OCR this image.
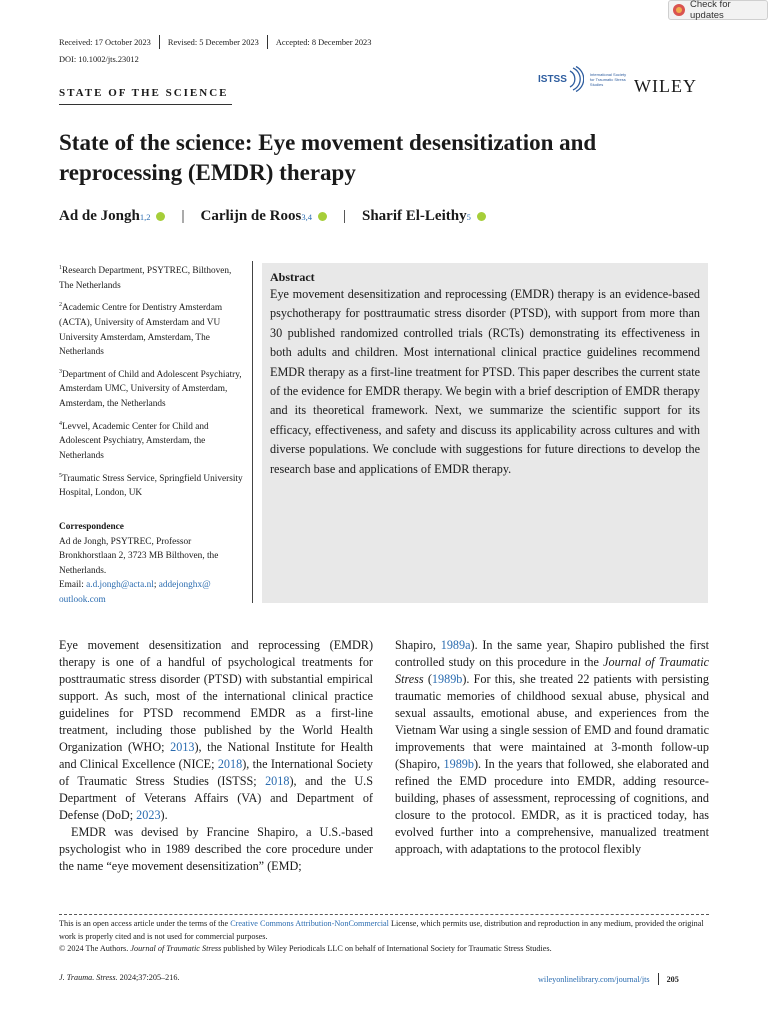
Check for updates
Received: 17 October 2023	Revised: 5 December 2023	Accepted: 8 December 2023
DOI: 10.1002/jts.23012
STATE OF THE SCIENCE
ISTSS	International Society for Traumatic Stress Studies	WILEY
State of the science: Eye movement desensitization and reprocessing (EMDR) therapy
Ad de Jongh 1,2 | Carlijn de Roos 3,4 | Sharif El-Leithy 5

$^1$Research Department, PSYTREC, Bilthoven, The Netherlands

$^2$Academic Centre for Dentistry Amsterdam (ACTA), University of Amsterdam and VU University Amsterdam, Amsterdam, The Netherlands

$^3$Department of Child and Adolescent Psychiatry, Amsterdam UMC, University of Amsterdam, Amsterdam, the Netherlands

$^4$Levvel, Academic Center for Child and Adolescent Psychiatry, Amsterdam, the Netherlands

$^5$Traumatic Stress Service, Springfield University Hospital, London, UK

Correspondence
Ad de Jongh, PSYTREC, Professor Bronkhorstlaan 2, 3723 MB Bilthoven, the Netherlands.
Email: a.d.jongh@acta.nl; addejonghx@ outlook.com
Abstract
Eye movement desensitization and reprocessing (EMDR) therapy is an evidence-based psychotherapy for posttraumatic stress disorder (PTSD), with support from more than 30 published randomized controlled trials (RCTs) demonstrating its effectiveness in both adults and children. Most international clinical practice guidelines recommend EMDR therapy as a first-line treatment for PTSD. This paper describes the current state of the evidence for EMDR therapy. We begin with a brief description of EMDR therapy and its theoretical framework. Next, we summarize the scientific support for its efficacy, effectiveness, and safety and discuss its applicability across cultures and with diverse populations. We conclude with suggestions for future directions to develop the research base and applications of EMDR therapy.

Eye movement desensitization and reprocessing (EMDR) therapy is one of a handful of psychological treatments for posttraumatic stress disorder (PTSD) with substantial empirical support. As such, most of the international clinical practice guidelines for PTSD recommend EMDR as a first-line treatment, including those published by the World Health Organization (WHO; 2013), the National Institute for Health and Clinical Excellence (NICE; 2018), the International Society of Traumatic Stress Studies (ISTSS; 2018), and the U.S Department of Veterans Affairs (VA) and Department of Defense (DoD; 2023).

EMDR was devised by Francine Shapiro, a U.S.-based psychologist who in 1989 described the core procedure under the name “eye movement desensitization” (EMD;

Shapiro, 1989a). In the same year, Shapiro published the first controlled study on this procedure in the Journal of Traumatic Stress (1989b). For this, she treated 22 patients with persisting traumatic memories of childhood sexual abuse, physical and sexual assaults, emotional abuse, and experiences from the Vietnam War using a single session of EMD and found dramatic improvements that were maintained at 3-month follow-up (Shapiro, 1989b). In the years that followed, she elaborated and refined the EMD procedure into EMDR, adding resource-building, phases of assessment, reprocessing of cognitions, and closure to the protocol. EMDR, as it is practiced today, has evolved further into a comprehensive, manualized treatment approach, with adaptations to the protocol flexibly

This is an open access article under the terms of the Creative Commons Attribution-NonCommercial License, which permits use, distribution and reproduction in any medium, provided the original work is properly cited and is not used for commercial purposes.

© 2024 The Authors. Journal of Traumatic Stress published by Wiley Periodicals LLC on behalf of International Society for Traumatic Stress Studies.

J. Trauma. Stress. 2024;37:205–216.	wileyonlinelibrary.com/journal/jts 205
